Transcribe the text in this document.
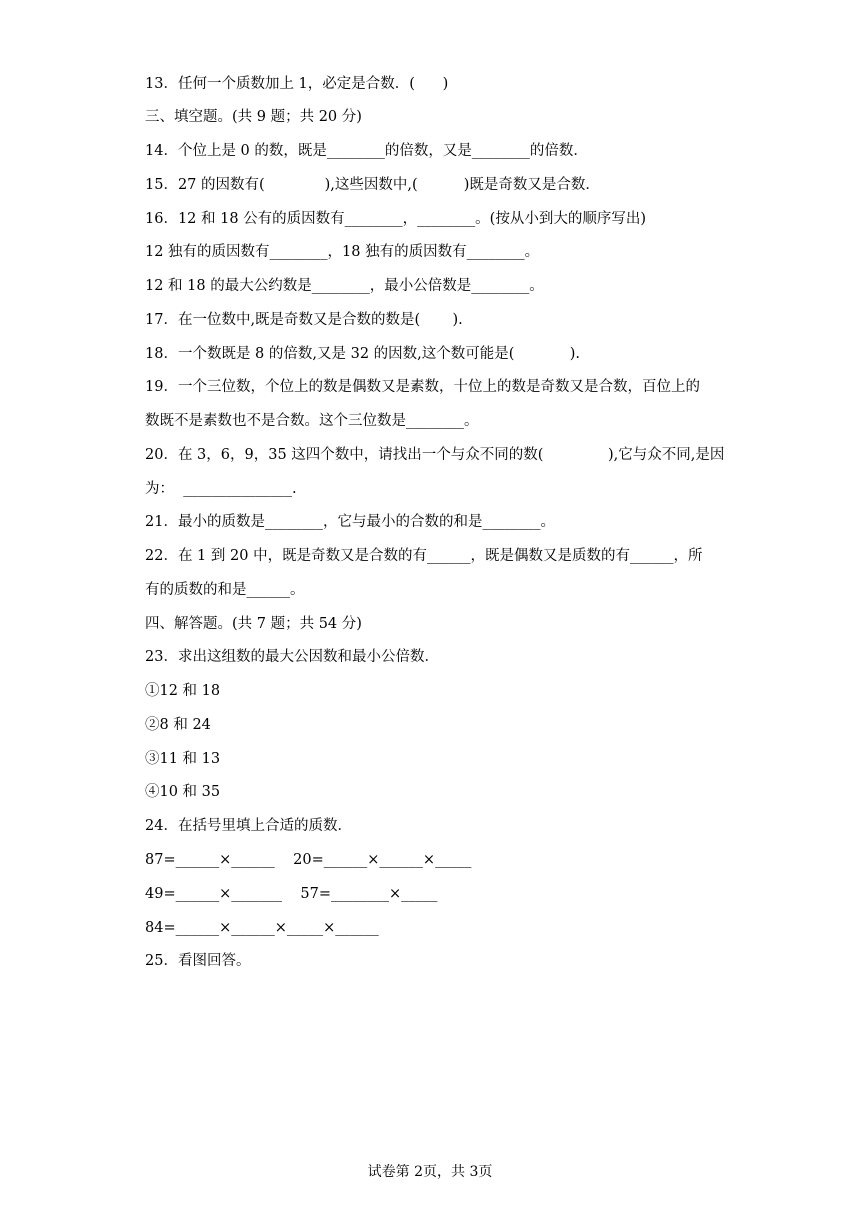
13．任何一个质数加上 1，必定是合数．(      )
三、填空题。(共 9 题；共 20 分)
14．个位上是 0 的数，既是________的倍数，又是________的倍数．
15．27 的因数有(             ),这些因数中,(          )既是奇数又是合数．
16．12 和 18 公有的质因数有________，________。(按从小到大的顺序写出)
12 独有的质因数有________，18 独有的质因数有________。
12 和 18 的最大公约数是________，最小公倍数是________。
17．在一位数中,既是奇数又是合数的数是(       ).
18．一个数既是 8 的倍数,又是 32 的因数,这个数可能是(            ).
19．一个三位数，个位上的数是偶数又是素数，十位上的数是奇数又是合数，百位上的
数既不是素数也不是合数。这个三位数是________。
20．在 3，6，9，35 这四个数中，请找出一个与众不同的数(              ),它与众不同,是因
为：  _______________.
21．最小的质数是________，它与最小的合数的和是________。
22．在 1 到 20 中，既是奇数又是合数的有______，既是偶数又是质数的有______，所
有的质数的和是______。
四、解答题。(共 7 题；共 54 分)
23．求出这组数的最大公因数和最小公倍数．
①12 和 18
②8 和 24
③11 和 13
④10 和 35
24．在括号里填上合适的质数．
87=______×______    20=______×______×_____
49=______×_______    57=________×_____
84=______×______×_____×______
25．看图回答。
试卷第 2页，共 3页
